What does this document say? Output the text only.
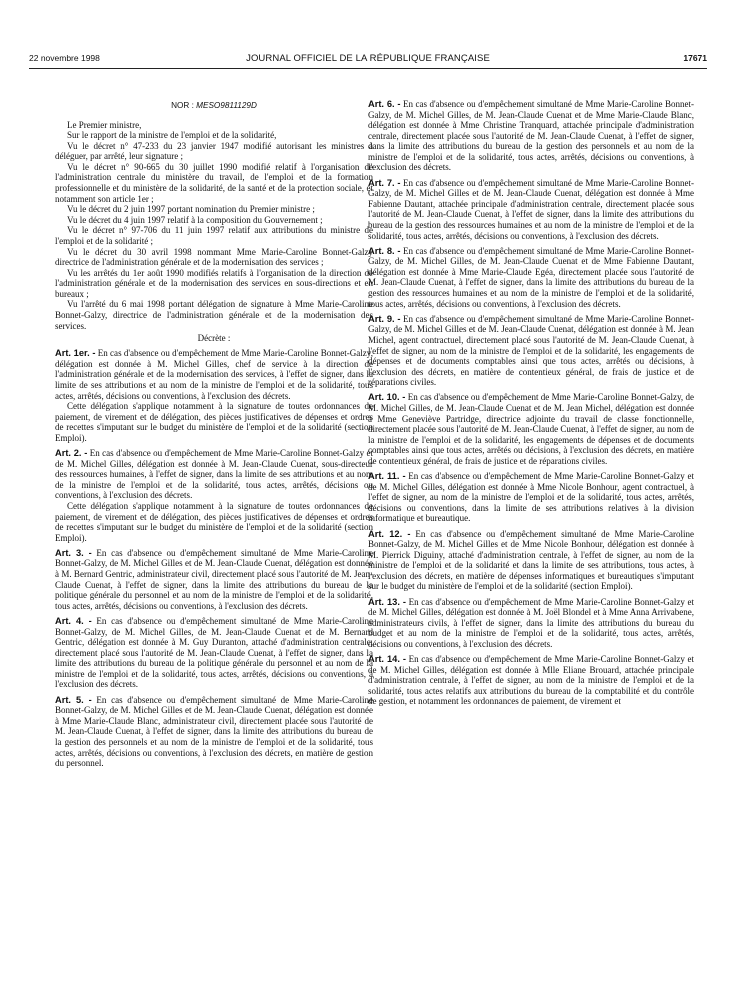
22 novembre 1998	JOURNAL OFFICIEL DE LA RÉPUBLIQUE FRANÇAISE	17671

NOR : MESO9811129D

Le Premier ministre,

Sur le rapport de la ministre de l'emploi et de la solidarité,

Vu le décret n° 47-233 du 23 janvier 1947 modifié autorisant les ministres à déléguer, par arrêté, leur signature ;

Vu le décret n° 90-665 du 30 juillet 1990 modifié relatif à l'organisation de l'administration centrale du ministère du travail, de l'emploi et de la formation professionnelle et du ministère de la solidarité, de la santé et de la protection sociale, et notamment son article 1er ;

Vu le décret du 2 juin 1997 portant nomination du Premier ministre ;

Vu le décret du 4 juin 1997 relatif à la composition du Gouvernement ;

Vu le décret n° 97-706 du 11 juin 1997 relatif aux attributions du ministre de l'emploi et de la solidarité ;

Vu le décret du 30 avril 1998 nommant Mme Marie-Caroline Bonnet-Galzy directrice de l'administration générale et de la modernisation des services ;

Vu les arrêtés du 1er août 1990 modifiés relatifs à l'organisation de la direction de l'administration générale et de la modernisation des services en sous-directions et en bureaux ;

Vu l'arrêté du 6 mai 1998 portant délégation de signature à Mme Marie-Caroline Bonnet-Galzy, directrice de l'administration générale et de la modernisation des services.

Décrète :

Art. 1er. - En cas d'absence ou d'empêchement de Mme Marie-Caroline Bonnet-Galzy, délégation est donnée à M. Michel Gilles, chef de service à la direction de l'administration générale et de la modernisation des services, à l'effet de signer, dans la limite de ses attributions et au nom de la ministre de l'emploi et de la solidarité, tous actes, arrêtés, décisions ou conventions, à l'exclusion des décrets.

Cette délégation s'applique notamment à la signature de toutes ordonnances de paiement, de virement et de délégation, des pièces justificatives de dépenses et ordres de recettes s'imputant sur le budget du ministère de l'emploi et de la solidarité (section Emploi).

Art. 2. - En cas d'absence ou d'empêchement de Mme Marie-Caroline Bonnet-Galzy et de M. Michel Gilles, délégation est donnée à M. Jean-Claude Cuenat, sous-directeur des ressources humaines, à l'effet de signer, dans la limite de ses attributions et au nom de la ministre de l'emploi et de la solidarité, tous actes, arrêtés, décisions ou conventions, à l'exclusion des décrets.

Cette délégation s'applique notamment à la signature de toutes ordonnances de paiement, de virement et de délégation, des pièces justificatives de dépenses et ordres de recettes s'imputant sur le budget du ministère de l'emploi et de la solidarité (section Emploi).

Art. 3. - En cas d'absence ou d'empêchement simultané de Mme Marie-Caroline Bonnet-Galzy, de M. Michel Gilles et de M. Jean-Claude Cuenat, délégation est donnée à M. Bernard Gentric, administrateur civil, directement placé sous l'autorité de M. Jean-Claude Cuenat, à l'effet de signer, dans la limite des attributions du bureau de la politique générale du personnel et au nom de la ministre de l'emploi et de la solidarité, tous actes, arrêtés, décisions ou conventions, à l'exclusion des décrets.

Art. 4. - En cas d'absence ou d'empêchement simultané de Mme Marie-Caroline Bonnet-Galzy, de M. Michel Gilles, de M. Jean-Claude Cuenat et de M. Bernard Gentric, délégation est donnée à M. Guy Duranton, attaché d'administration centrale, directement placé sous l'autorité de M. Jean-Claude Cuenat, à l'effet de signer, dans la limite des attributions du bureau de la politique générale du personnel et au nom de la ministre de l'emploi et de la solidarité, tous actes, arrêtés, décisions ou conventions, à l'exclusion des décrets.

Art. 5. - En cas d'absence ou d'empêchement simultané de Mme Marie-Caroline Bonnet-Galzy, de M. Michel Gilles et de M. Jean-Claude Cuenat, délégation est donnée à Mme Marie-Claude Blanc, administrateur civil, directement placée sous l'autorité de M. Jean-Claude Cuenat, à l'effet de signer, dans la limite des attributions du bureau de la gestion des personnels et au nom de la ministre de l'emploi et de la solidarité, tous actes, arrêtés, décisions ou conventions, à l'exclusion des décrets, en matière de gestion du personnel.

Art. 6. - En cas d'absence ou d'empêchement simultané de Mme Marie-Caroline Bonnet-Galzy, de M. Michel Gilles, de M. Jean-Claude Cuenat et de Mme Marie-Claude Blanc, délégation est donnée à Mme Christine Tranquard, attachée principale d'administration centrale, directement placée sous l'autorité de M. Jean-Claude Cuenat, à l'effet de signer, dans la limite des attributions du bureau de la gestion des personnels et au nom de la ministre de l'emploi et de la solidarité, tous actes, arrêtés, décisions ou conventions, à l'exclusion des décrets.

Art. 7. - En cas d'absence ou d'empêchement simultané de Mme Marie-Caroline Bonnet-Galzy, de M. Michel Gilles et de M. Jean-Claude Cuenat, délégation est donnée à Mme Fabienne Dautant, attachée principale d'administration centrale, directement placée sous l'autorité de M. Jean-Claude Cuenat, à l'effet de signer, dans la limite des attributions du bureau de la gestion des ressources humaines et au nom de la ministre de l'emploi et de la solidarité, tous actes, arrêtés, décisions ou conventions, à l'exclusion des décrets.

Art. 8. - En cas d'absence ou d'empêchement simultané de Mme Marie-Caroline Bonnet-Galzy, de M. Michel Gilles, de M. Jean-Claude Cuenat et de Mme Fabienne Dautant, délégation est donnée à Mme Marie-Claude Egéa, directement placée sous l'autorité de M. Jean-Claude Cuenat, à l'effet de signer, dans la limite des attributions du bureau de la gestion des ressources humaines et au nom de la ministre de l'emploi et de la solidarité, tous actes, arrêtés, décisions ou conventions, à l'exclusion des décrets.

Art. 9. - En cas d'absence ou d'empêchement simultané de Mme Marie-Caroline Bonnet-Galzy, de M. Michel Gilles et de M. Jean-Claude Cuenat, délégation est donnée à M. Jean Michel, agent contractuel, directement placé sous l'autorité de M. Jean-Claude Cuenat, à l'effet de signer, au nom de la ministre de l'emploi et de la solidarité, les engagements de dépenses et de documents comptables ainsi que tous actes, arrêtés ou décisions, à l'exclusion des décrets, en matière de contentieux général, de frais de justice et de réparations civiles.

Art. 10. - En cas d'absence ou d'empêchement de Mme Marie-Caroline Bonnet-Galzy, de M. Michel Gilles, de M. Jean-Claude Cuenat et de M. Jean Michel, délégation est donnée à Mme Geneviève Partridge, directrice adjointe du travail de classe fonctionnelle, directement placée sous l'autorité de M. Jean-Claude Cuenat, à l'effet de signer, au nom de la ministre de l'emploi et de la solidarité, les engagements de dépenses et de documents comptables ainsi que tous actes, arrêtés ou décisions, à l'exclusion des décrets, en matière de contentieux général, de frais de justice et de réparations civiles.

Art. 11. - En cas d'absence ou d'empêchement de Mme Marie-Caroline Bonnet-Galzy et de M. Michel Gilles, délégation est donnée à Mme Nicole Bonhour, agent contractuel, à l'effet de signer, au nom de la ministre de l'emploi et de la solidarité, tous actes, arrêtés, décisions ou conventions, dans la limite de ses attributions relatives à la division informatique et bureautique.

Art. 12. - En cas d'absence ou d'empêchement simultané de Mme Marie-Caroline Bonnet-Galzy, de M. Michel Gilles et de Mme Nicole Bonhour, délégation est donnée à M. Pierrick Diguiny, attaché d'administration centrale, à l'effet de signer, au nom de la ministre de l'emploi et de la solidarité et dans la limite de ses attributions, tous actes, à l'exclusion des décrets, en matière de dépenses informatiques et bureautiques s'imputant sur le budget du ministère de l'emploi et de la solidarité (section Emploi).

Art. 13. - En cas d'absence ou d'empêchement de Mme Marie-Caroline Bonnet-Galzy et de M. Michel Gilles, délégation est donnée à M. Joël Blondel et à Mme Anna Arrivabene, administrateurs civils, à l'effet de signer, dans la limite des attributions du bureau du budget et au nom de la ministre de l'emploi et de la solidarité, tous actes, arrêtés, décisions ou conventions, à l'exclusion des décrets.

Art. 14. - En cas d'absence ou d'empêchement de Mme Marie-Caroline Bonnet-Galzy et de M. Michel Gilles, délégation est donnée à Mlle Eliane Brouard, attachée principale d'administration centrale, à l'effet de signer, au nom de la ministre de l'emploi et de la solidarité, tous actes relatifs aux attributions du bureau de la comptabilité et du contrôle de gestion, et notamment les ordonnances de paiement, de virement et
